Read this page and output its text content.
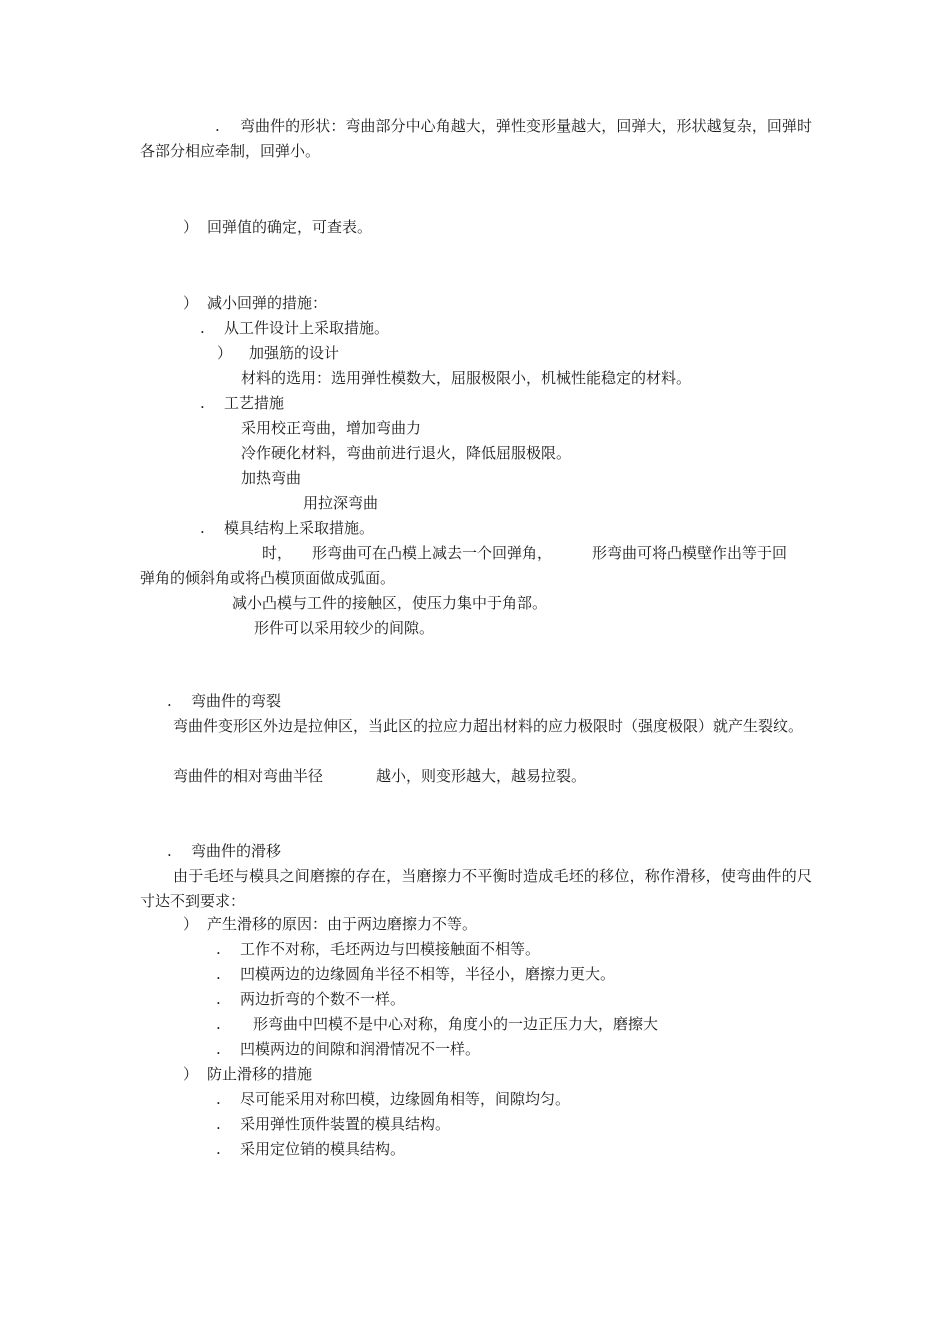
.	弯曲件的形状：弯曲部分中心角越大，弹性变形量越大，回弹大，形状越复杂，回弹时各部分相应牵制，回弹小。
） 回弹值的确定，可查表。
） 减小回弹的措施：
. 从工件设计上采取措施。
） 加强筋的设计
材料的选用：选用弹性模数大，屈服极限小，机械性能稳定的材料。
. 工艺措施
采用校正弯曲，增加弯曲力
冷作硬化材料，弯曲前进行退火，降低屈服极限。
加热弯曲
用拉深弯曲
. 模具结构上采取措施。
时， 形弯曲可在凸模上减去一个回弹角，	形弯曲可将凸模壁作出等于回
弹角的倾斜角或将凸模顶面做成弧面。
减小凸模与工件的接触区，使压力集中于角部。
形件可以采用较少的间隙。
. 弯曲件的弯裂
弯曲件变形区外边是拉伸区，当此区的拉应力超出材料的应力极限时（强度极限）就产生裂纹。
弯曲件的相对弯曲半径	越小，则变形越大，越易拉裂。
. 弯曲件的滑移
由于毛坯与模具之间磨擦的存在，当磨擦力不平衡时造成毛坯的移位，称作滑移，使弯曲件的尺寸达不到要求：
） 产生滑移的原因：由于两边磨擦力不等。
. 工作不对称，毛坯两边与凹模接触面不相等。
. 凹模两边的边缘圆角半径不相等，半径小，磨擦力更大。
. 两边折弯的个数不一样。
. 形弯曲中凹模不是中心对称，角度小的一边正压力大，磨擦大
. 凹模两边的间隙和润滑情况不一样。
） 防止滑移的措施
. 尽可能采用对称凹模，边缘圆角相等，间隙均匀。
. 采用弹性顶件装置的模具结构。
. 采用定位销的模具结构。
